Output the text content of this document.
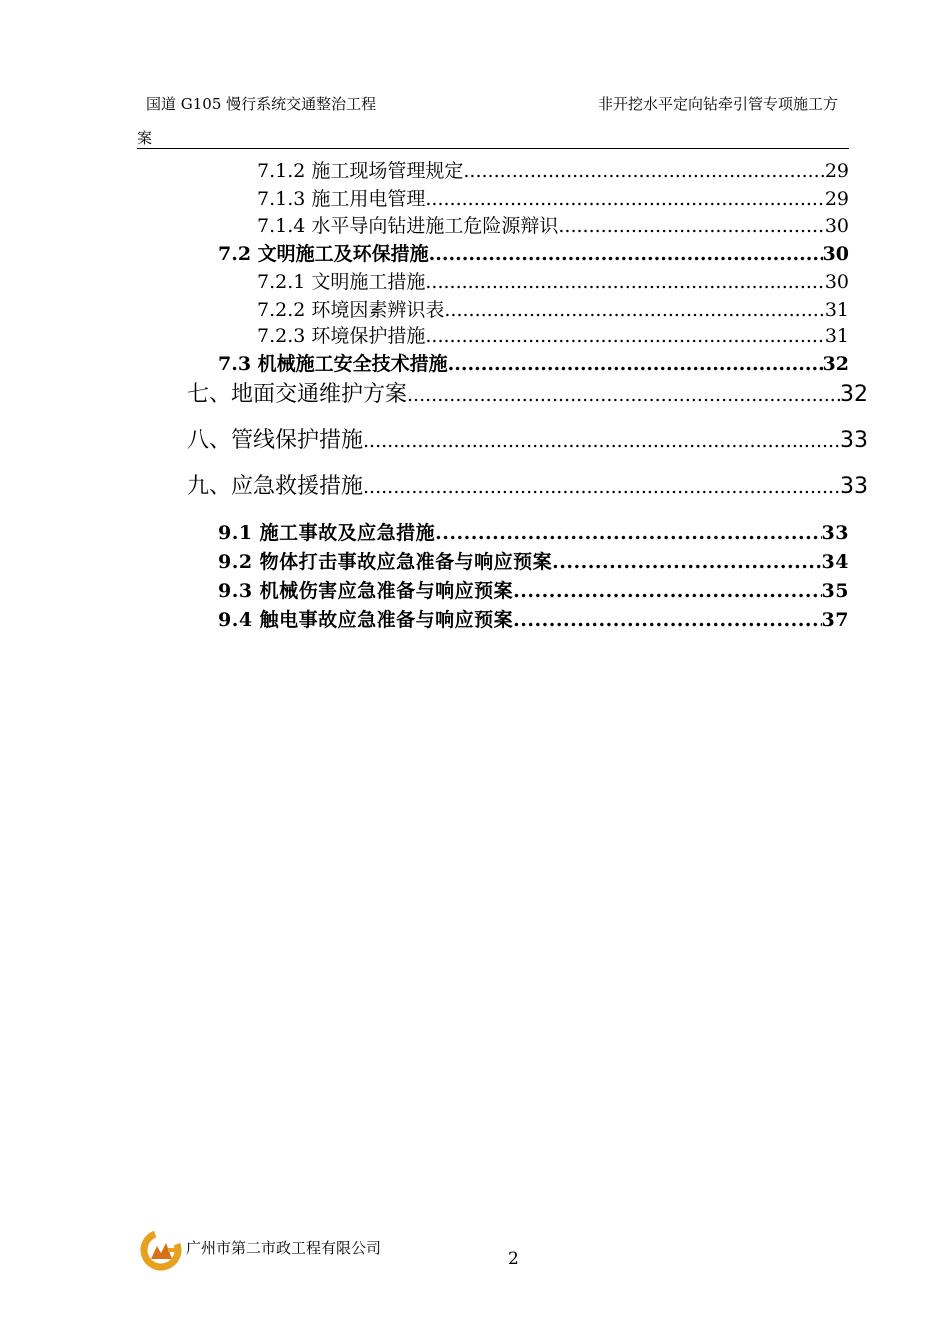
国道 G105 慢行系统交通整治工程	非开挖水平定向钻牵引管专项施工方
案
7.1.2 施工现场管理规定 .....	29
7.1.3 施工用电管理 .....	29
7.1.4 水平导向钻进施工危险源辩识 .....	30
7.2 文明施工及环保措施 .....	30
7.2.1 文明施工措施 .....	30
7.2.2 环境因素辨识表 .....	31
7.2.3 环境保护措施 .....	31
7.3 机械施工安全技术措施 .....	32
七、地面交通维护方案 .....	32
八、管线保护措施 .....	33
九、应急救援措施 .....	33
9.1 施工事故及应急措施 .....	33
9.2 物体打击事故应急准备与响应预案 .....	34
9.3 机械伤害应急准备与响应预案 .....	35
9.4 触电事故应急准备与响应预案 .....	37
广州市第二市政工程有限公司
2
